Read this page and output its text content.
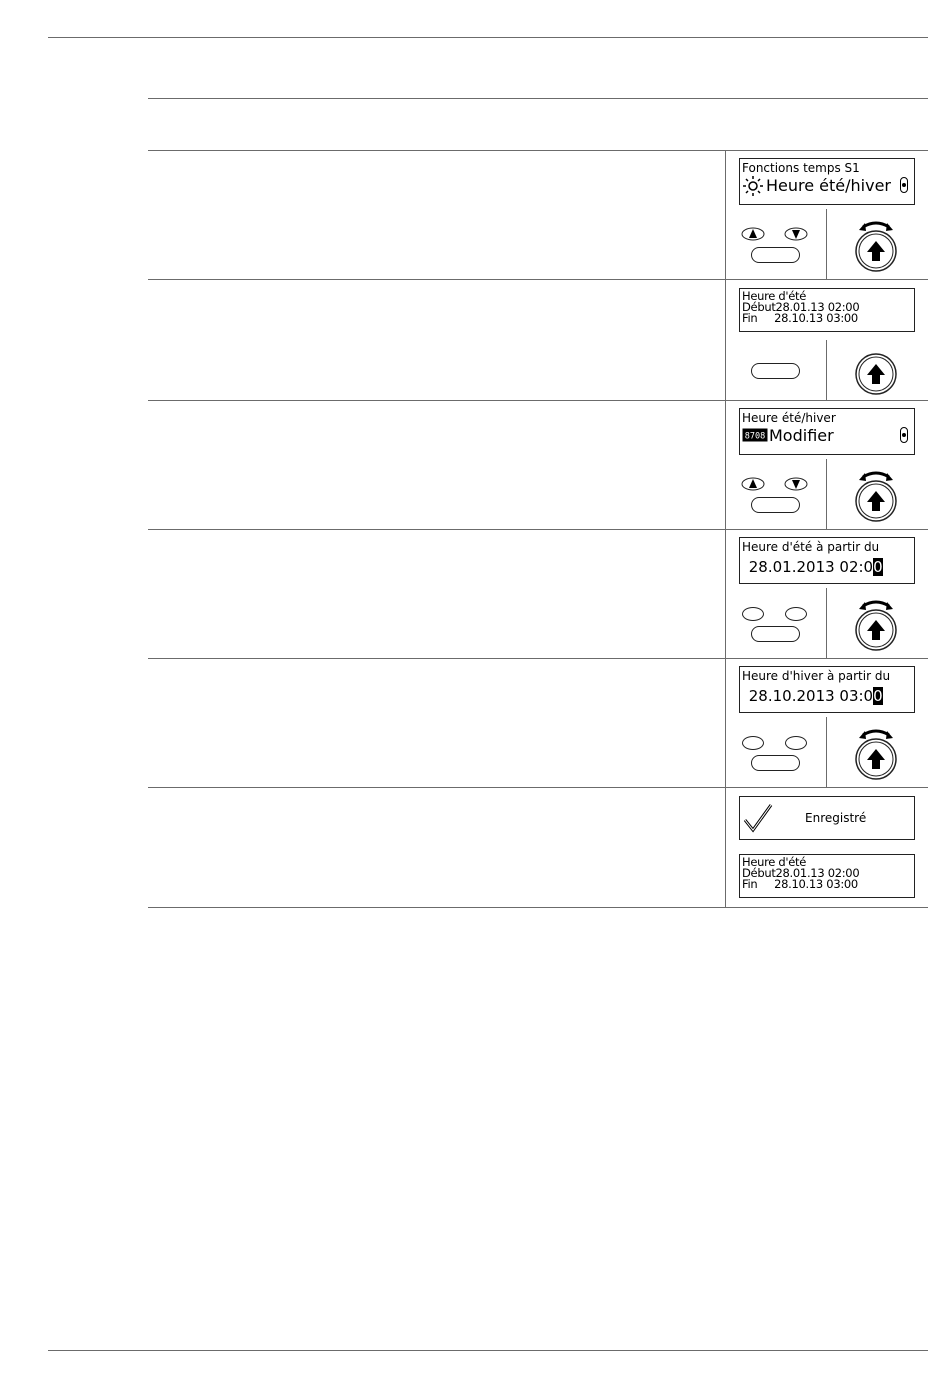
Fonctions temps S1
Heure été/hiver
Heure d'été
Début28.01.13 02:00
Fin     28.10.13 03:00
Heure été/hiver
8708 Modifier
Heure d'été à partir du
28.01.2013 02:00
Heure d'hiver à partir du
28.10.2013 03:00
Enregistré
Heure d'été
Début28.01.13 02:00
Fin     28.10.13 03:00
